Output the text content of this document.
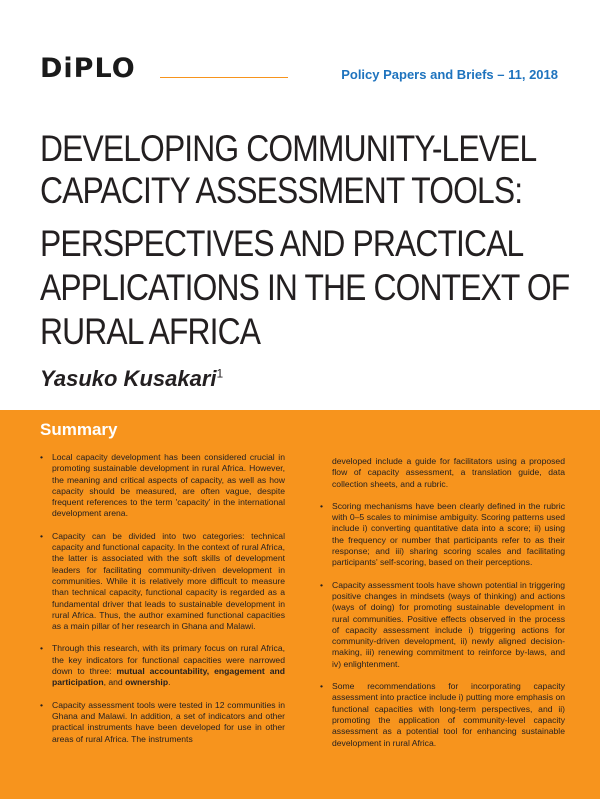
DiPLO	Policy Papers and Briefs – 11, 2018
DEVELOPING COMMUNITY-LEVEL
CAPACITY ASSESSMENT TOOLS:
PERSPECTIVES AND PRACTICAL
APPLICATIONS IN THE CONTEXT OF
RURAL AFRICA
Yasuko Kusakari$^1$
Summary

• Local capacity development has been considered crucial in promoting sustainable development in rural Africa. However, the meaning and critical aspects of capacity, as well as how capacity should be measured, are often vague, despite frequent references to the term 'capacity' in the international development arena.

• Capacity can be divided into two categories: technical capacity and functional capacity. In the context of rural Africa, the latter is associated with the soft skills of development leaders for facilitating community-driven development in communities. While it is relatively more difficult to measure than technical capacity, functional capacity is regarded as a fundamental driver that leads to sustainable development in rural Africa. Thus, the author examined functional capacities as a main pillar of her research in Ghana and Malawi.

• Through this research, with its primary focus on rural Africa, the key indicators for functional capacities were narrowed down to three: mutual accountability, engagement and participation, and ownership.

• Capacity assessment tools were tested in 12 communities in Ghana and Malawi. In addition, a set of indicators and other practical instruments have been developed for use in other areas of rural Africa. The instruments

developed include a guide for facilitators using a proposed flow of capacity assessment, a translation guide, data collection sheets, and a rubric.

• Scoring mechanisms have been clearly defined in the rubric with 0–5 scales to minimise ambiguity. Scoring patterns used include i) converting quantitative data into a score; ii) using the frequency or number that participants refer to as their response; and iii) sharing scoring scales and facilitating participants' self-scoring, based on their perceptions.

• Capacity assessment tools have shown potential in triggering positive changes in mindsets (ways of thinking) and actions (ways of doing) for promoting sustainable development in rural communities. Positive effects observed in the process of capacity assessment include i) triggering actions for community-driven development, ii) newly aligned decision-making, iii) renewing commitment to reinforce by-laws, and iv) enlightenment.

• Some recommendations for incorporating capacity assessment into practice include i) putting more emphasis on functional capacities with long-term perspectives, and ii) promoting the application of community-level capacity assessment as a potential tool for enhancing sustainable development in rural Africa.
